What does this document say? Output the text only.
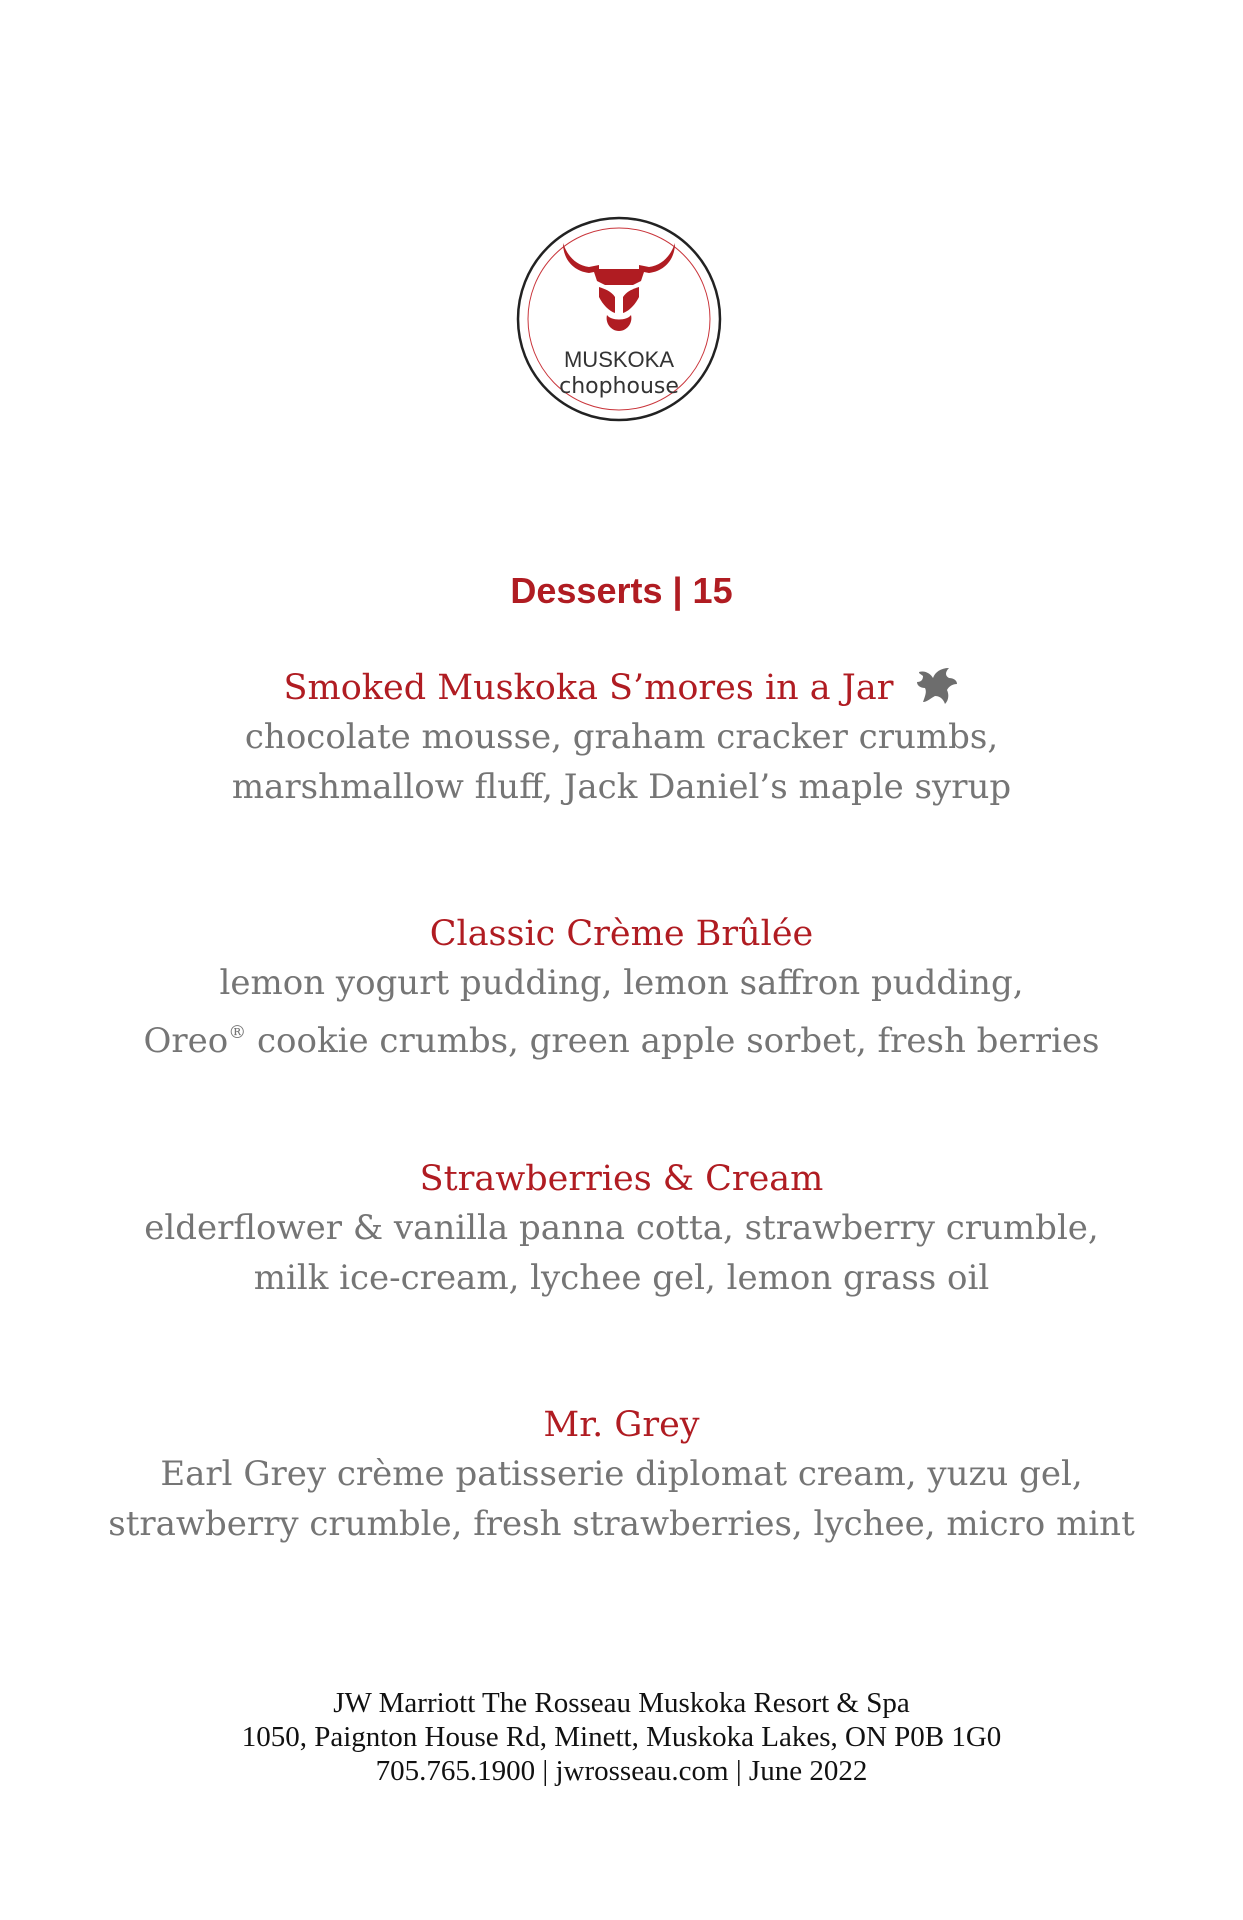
MUSKOKA
chophouse
Desserts | 15
Smoked Muskoka S’mores in a Jar
chocolate mousse, graham cracker crumbs,
marshmallow fluff, Jack Daniel’s maple syrup
Classic Crème Brûlée
lemon yogurt pudding, lemon saffron pudding,
Oreo® cookie crumbs, green apple sorbet, fresh berries
Strawberries & Cream
elderflower & vanilla panna cotta, strawberry crumble,
milk ice-cream, lychee gel, lemon grass oil
Mr. Grey
Earl Grey crème patisserie diplomat cream, yuzu gel,
strawberry crumble, fresh strawberries, lychee, micro mint
JW Marriott The Rosseau Muskoka Resort & Spa
1050, Paignton House Rd, Minett, Muskoka Lakes, ON P0B 1G0
705.765.1900 | jwrosseau.com | June 2022
